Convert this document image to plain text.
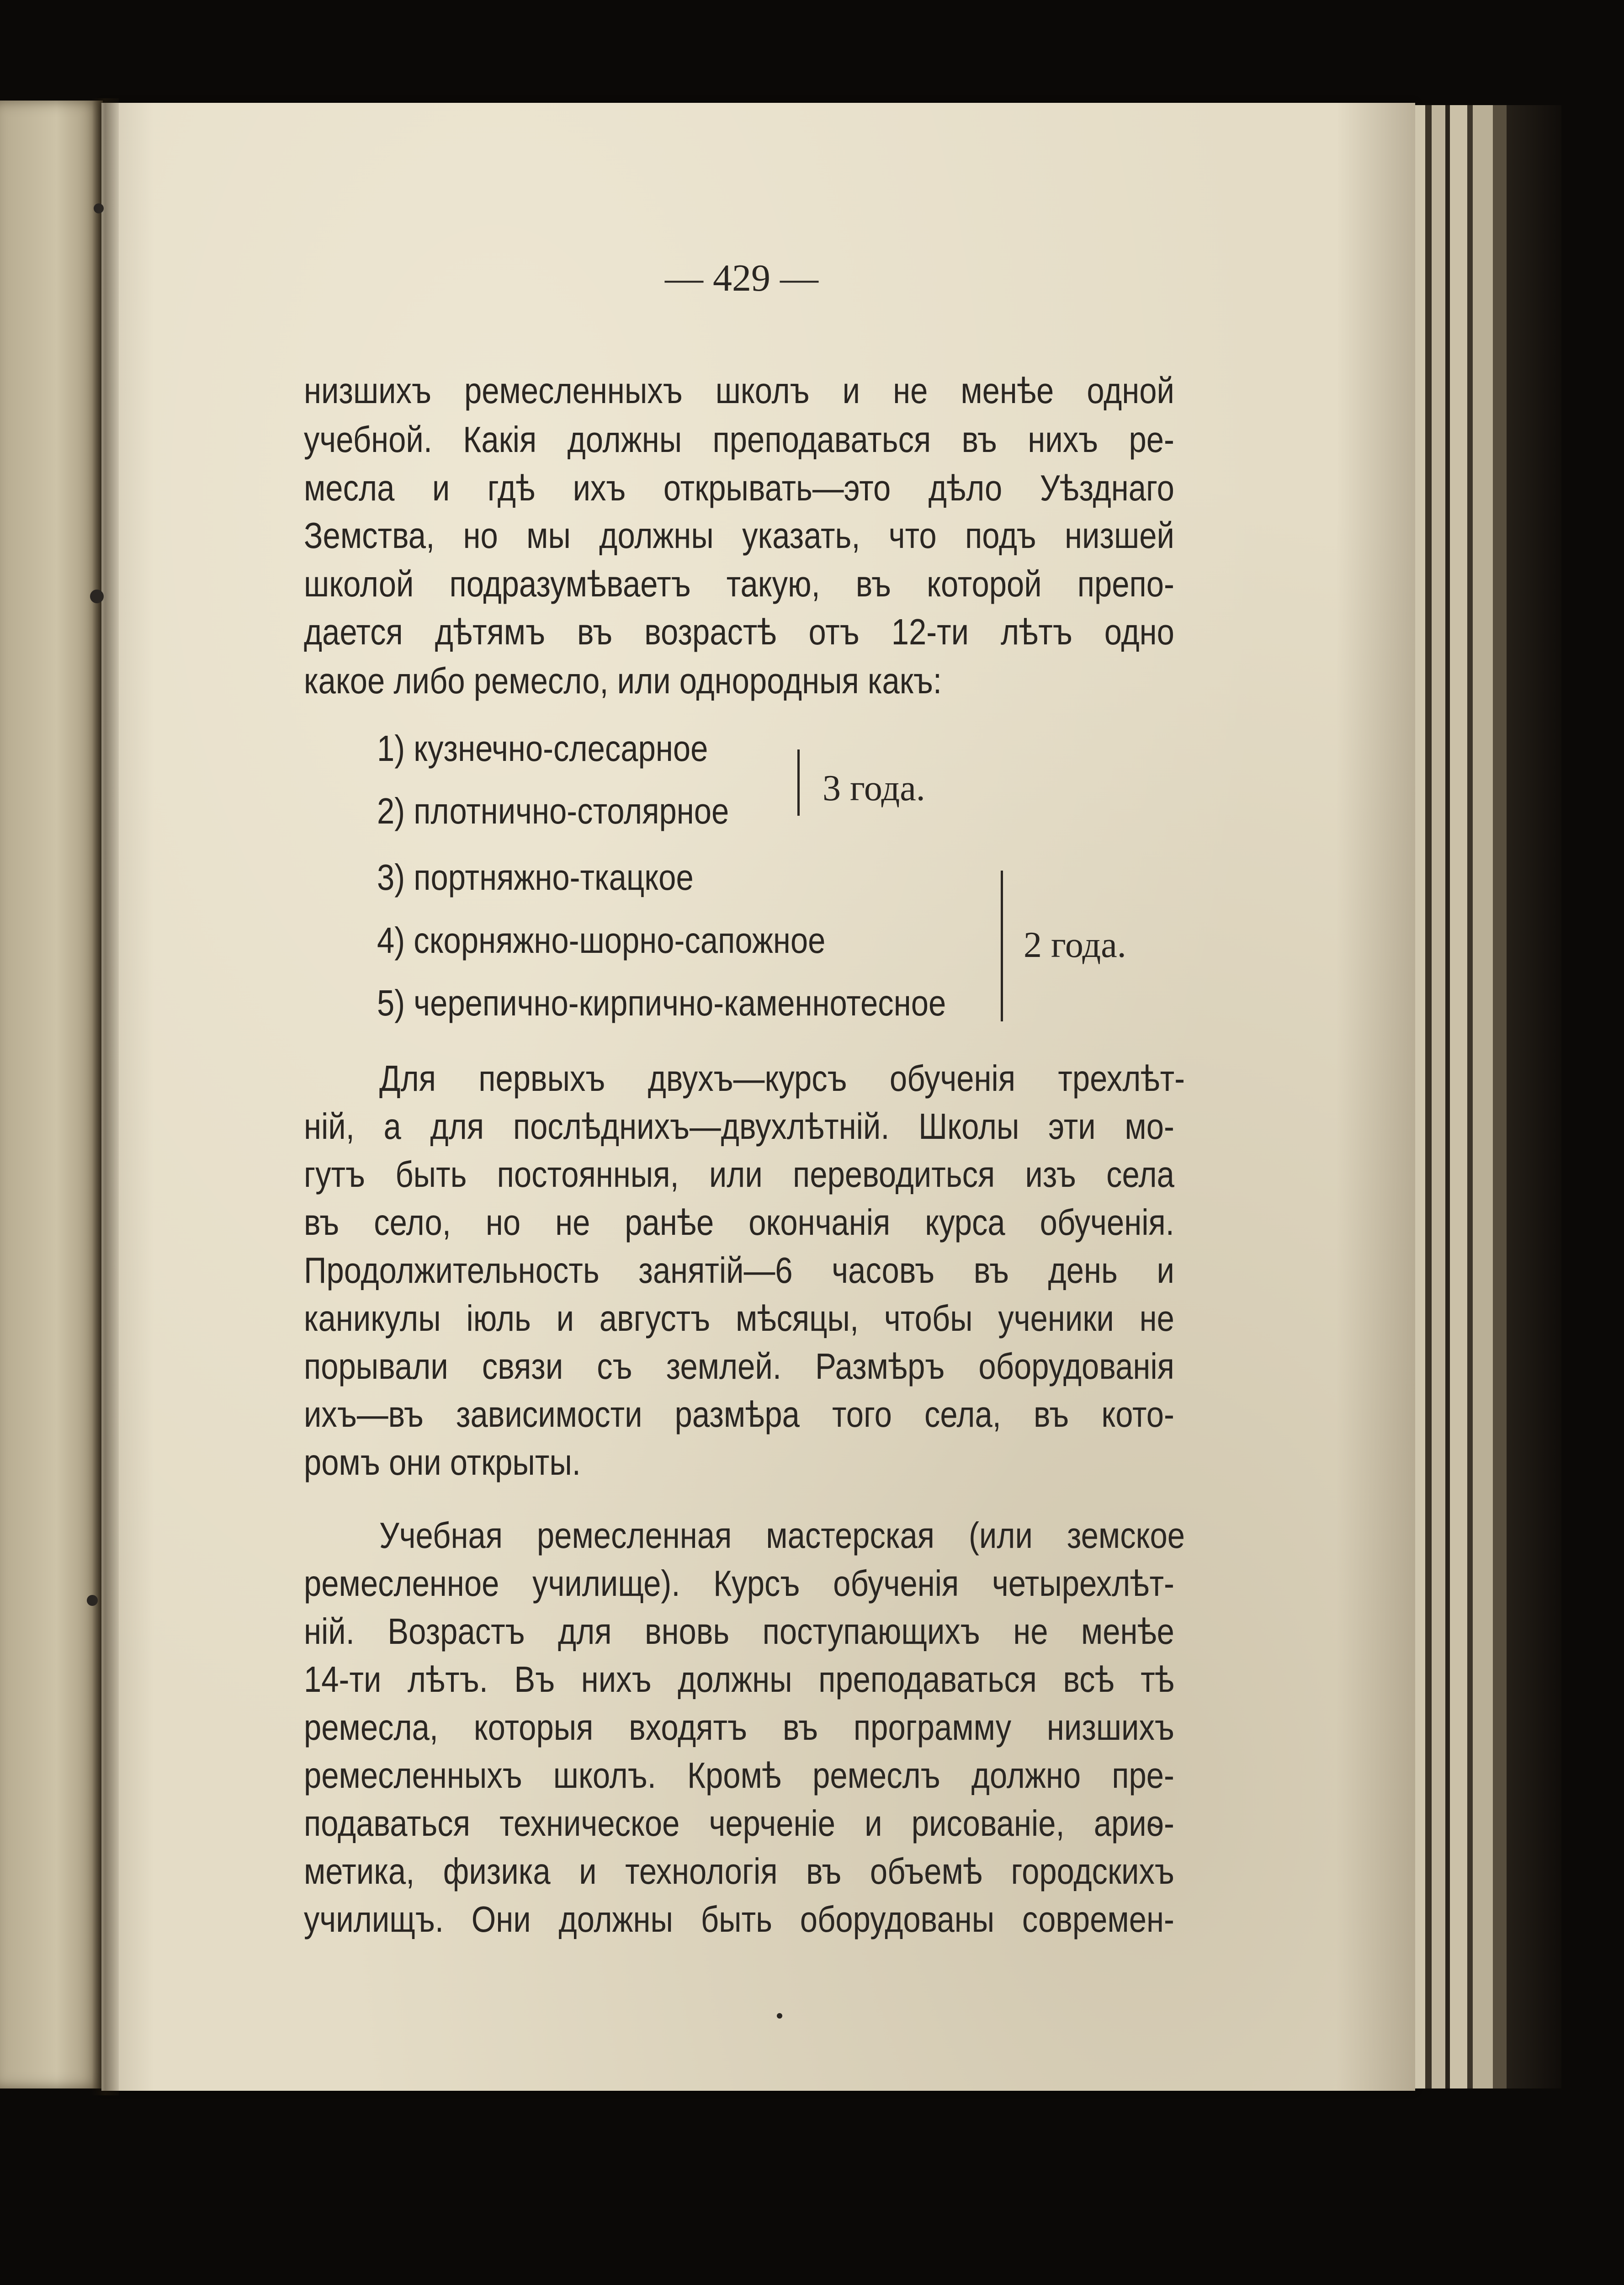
— 429 —
низшихъ ремесленныхъ школъ и не менѣе одной
учебной. Какія должны преподаваться въ нихъ ре-
месла и гдѣ ихъ открывать—это дѣло Уѣзднаго
Земства, но мы должны указать, что подъ низшей
школой подразумѣваетъ такую, въ которой препо-
дается дѣтямъ въ возрастѣ отъ 12-ти лѣтъ одно
какое либо ремесло, или однородныя какъ:
1) кузнечно-слесарное
2) плотнично-столярное
3 года.
3) портняжно-ткацкое
4) скорняжно-шорно-сапожное
5) черепично-кирпично-каменнотесное
2 года.
Для первыхъ двухъ—курсъ обученія трехлѣт-
ній, а для послѣднихъ—двухлѣтній. Школы эти мо-
гутъ быть постоянныя, или переводиться изъ села
въ село, но не ранѣе окончанія курса обученія.
Продолжительность занятій—6 часовъ въ день и
каникулы іюль и августъ мѣсяцы, чтобы ученики не
порывали связи съ землей. Размѣръ оборудованія
ихъ—въ зависимости размѣра того села, въ кото-
ромъ они открыты.
Учебная ремесленная мастерская (или земское
ремесленное училище). Курсъ обученія четырехлѣт-
ній. Возрастъ для вновь поступающихъ не менѣе
14-ти лѣтъ. Въ нихъ должны преподаваться всѣ тѣ
ремесла, которыя входятъ въ программу низшихъ
ремесленныхъ школъ. Кромѣ ремеслъ должно пре-
подаваться техническое черченіе и рисованіе, ариѳ-
метика, физика и технологія въ объемѣ городскихъ
училищъ. Они должны быть оборудованы современ-
